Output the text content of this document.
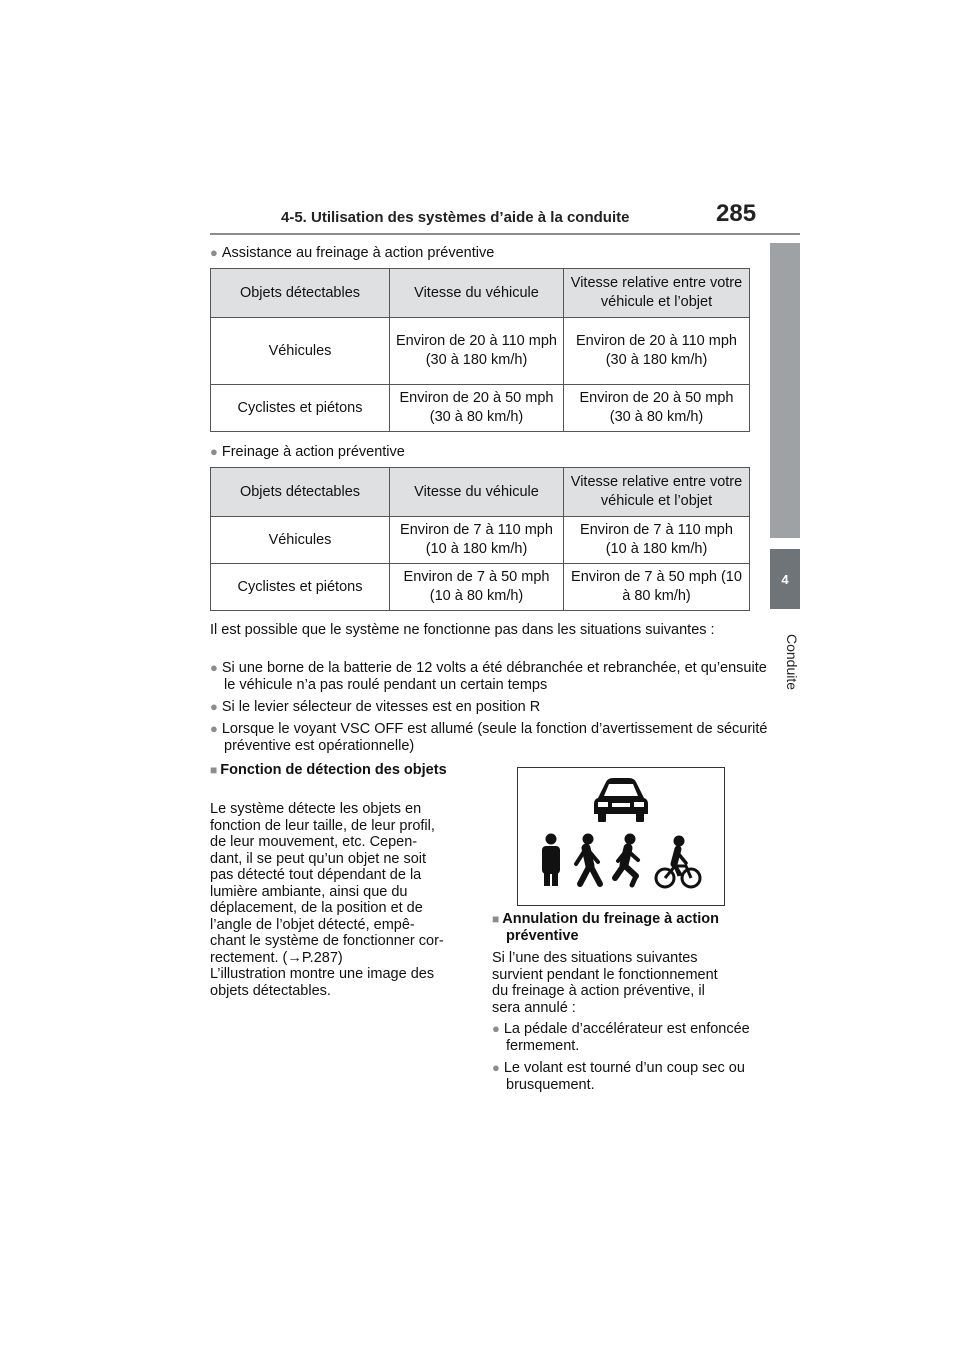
4-5. Utilisation des systèmes d’aide à la conduite	285
4
Conduite
● Assistance au freinage à action préventive
Objets détectables	Vitesse du véhicule	Vitesse relative entre votre véhicule et l’objet
Véhicules	Environ de 20 à 110 mph (30 à 180 km/h)	Environ de 20 à 110 mph (30 à 180 km/h)
Cyclistes et piétons	Environ de 20 à 50 mph (30 à 80 km/h)	Environ de 20 à 50 mph (30 à 80 km/h)
● Freinage à action préventive
Objets détectables	Vitesse du véhicule	Vitesse relative entre votre véhicule et l’objet
Véhicules	Environ de 7 à 110 mph (10 à 180 km/h)	Environ de 7 à 110 mph (10 à 180 km/h)
Cyclistes et piétons	Environ de 7 à 50 mph (10 à 80 km/h)	Environ de 7 à 50 mph (10 à 80 km/h)
Il est possible que le système ne fonctionne pas dans les situations suivantes :
● Si une borne de la batterie de 12 volts a été débranchée et rebranchée, et qu’ensuite le véhicule n’a pas roulé pendant un certain temps
● Si le levier sélecteur de vitesses est en position R
● Lorsque le voyant VSC OFF est allumé (seule la fonction d’avertissement de sécurité préventive est opérationnelle)
■ Fonction de détection des objets
Le système détecte les objets en
fonction de leur taille, de leur profil,
de leur mouvement, etc. Cepen-
dant, il se peut qu’un objet ne soit
pas détecté tout dépendant de la
lumière ambiante, ainsi que du
déplacement, de la position et de
l’angle de l’objet détecté, empê-
chant le système de fonctionner cor-
rectement. (→P.287)
L’illustration montre une image des
objets détectables.
■ Annulation du freinage à action préventive
Si l’une des situations suivantes
survient pendant le fonctionnement
du freinage à action préventive, il
sera annulé :
● La pédale d’accélérateur est enfoncée fermement.
● Le volant est tourné d’un coup sec ou brusquement.
